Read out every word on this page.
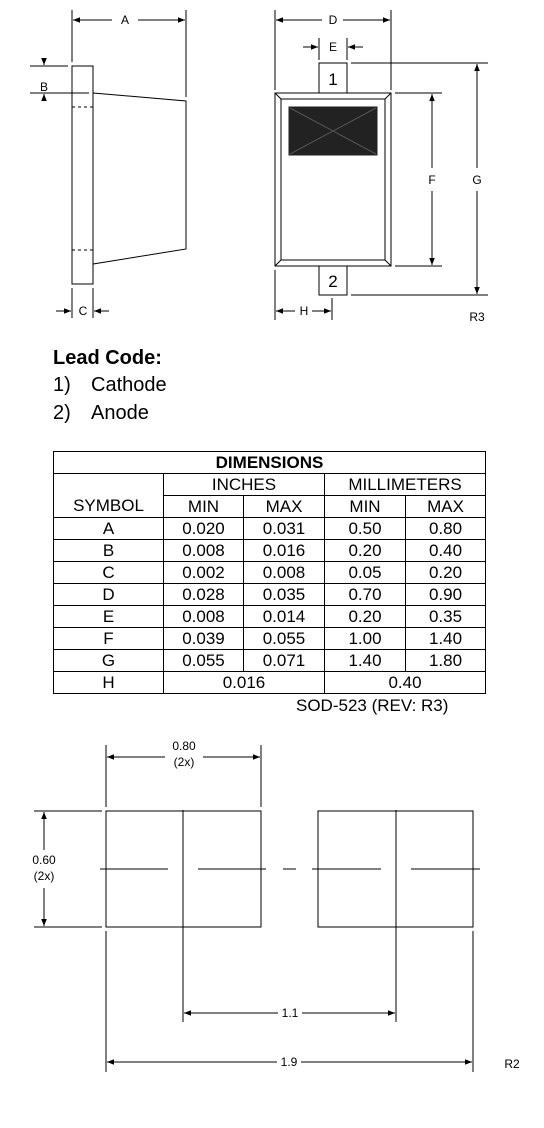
A
B
C
1
2
D
E
F	G
H	R3
0.80
(2x)
0.60
(2x)
1.1
1.9	R2
Lead Code:
1) Cathode
2) Anode
DIMENSIONS				
	INCHES		MILLIMETERS	
SYMBOL	MIN	MAX	MIN	MAX
A	0.020	0.031	0.50	0.80
B	0.008	0.016	0.20	0.40
C	0.002	0.008	0.05	0.20
D	0.028	0.035	0.70	0.90
E	0.008	0.014	0.20	0.35
F	0.039	0.055	1.00	1.40
G	0.055	0.071	1.40	1.80
H	0.016		0.40	
SOD-523 (REV: R3)
